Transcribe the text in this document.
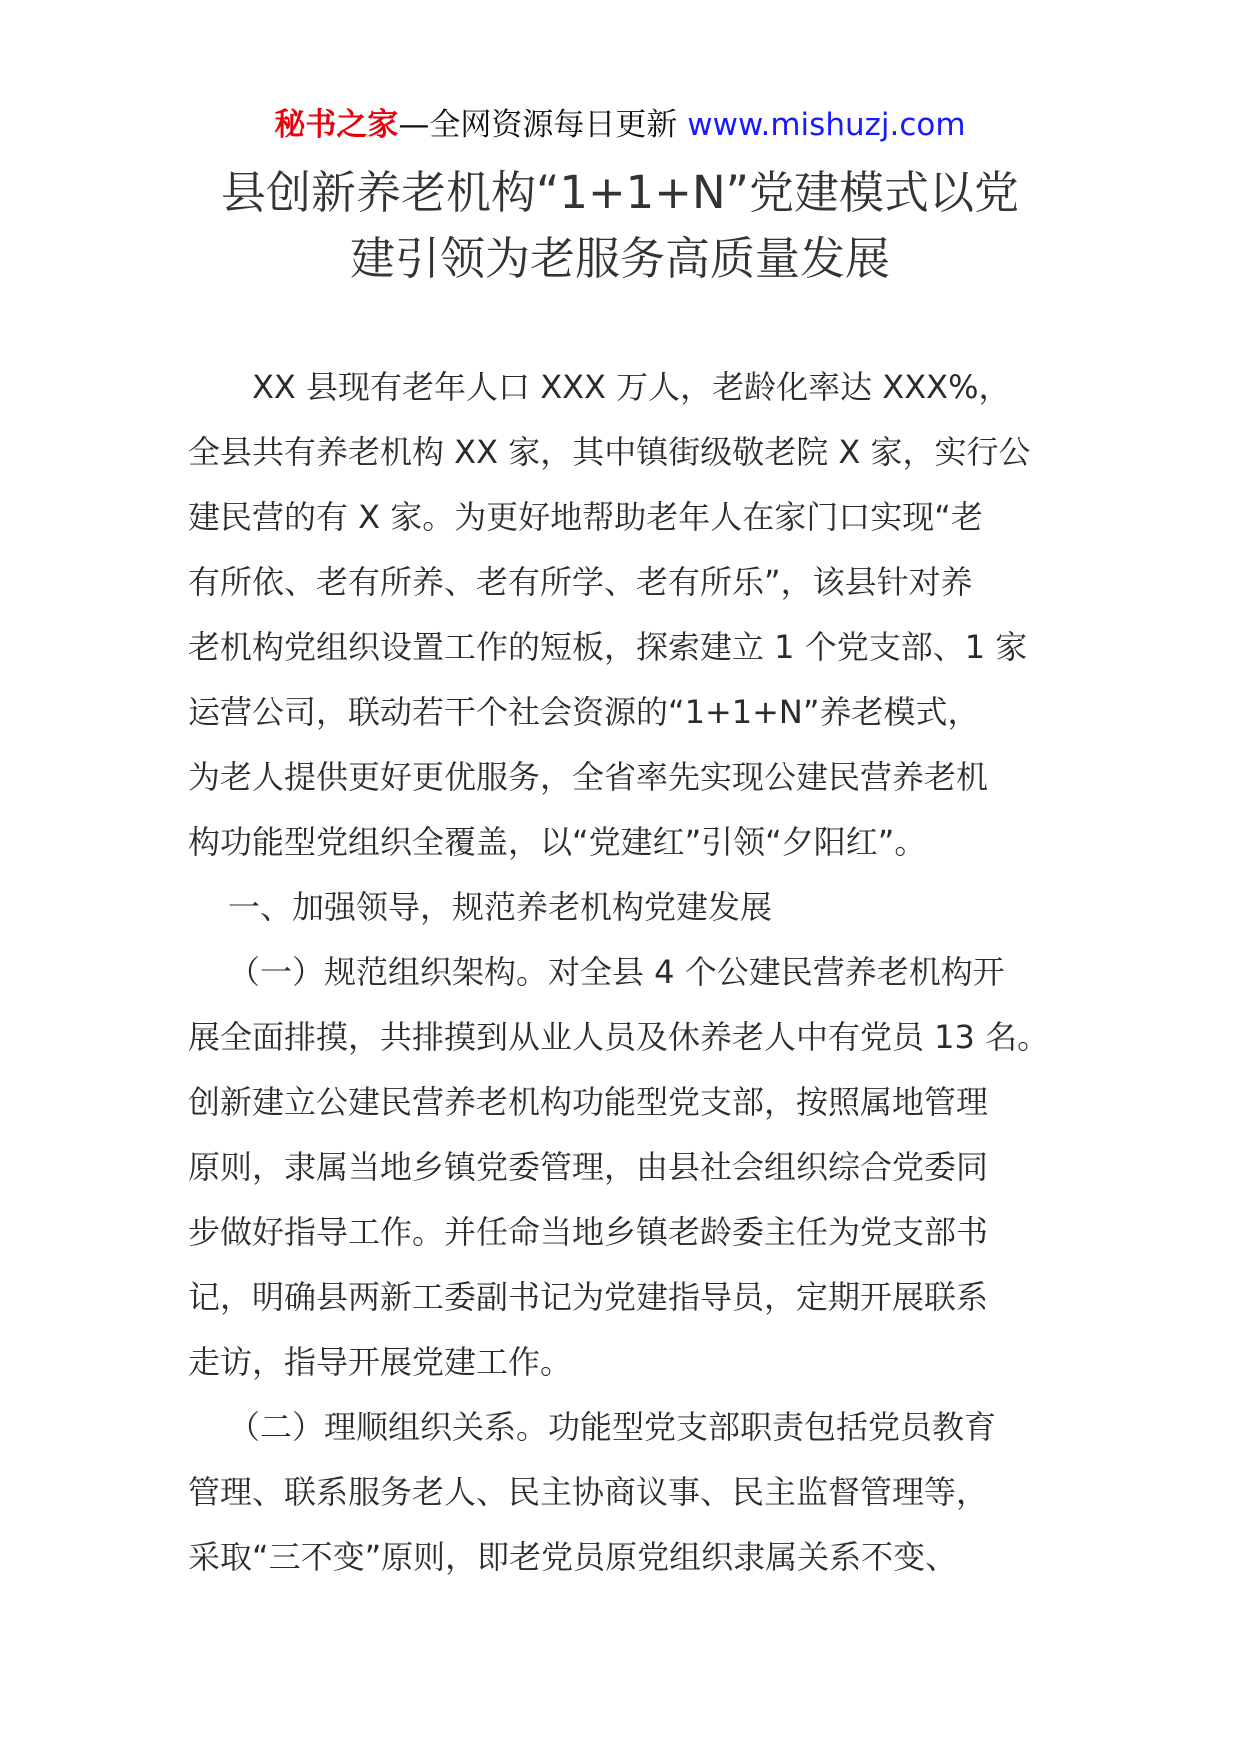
秘书之家—全网资源每日更新 www.mishuzj.com
县创新养老机构“1+1+N”党建模式以党
建引领为老服务高质量发展

XX 县现有老年人口 XXX 万人，老龄化率达 XXX%，
全县共有养老机构 XX 家，其中镇街级敬老院 X 家，实行公
建民营的有 X 家。为更好地帮助老年人在家门口实现“老
有所依、老有所养、老有所学、老有所乐”，该县针对养
老机构党组织设置工作的短板，探索建立 1 个党支部、1 家
运营公司，联动若干个社会资源的“1+1+N”养老模式，
为老人提供更好更优服务，全省率先实现公建民营养老机
构功能型党组织全覆盖，以“党建红”引领“夕阳红”。

一、加强领导，规范养老机构党建发展

（一）规范组织架构。对全县 4 个公建民营养老机构开
展全面排摸，共排摸到从业人员及休养老人中有党员 13 名。
创新建立公建民营养老机构功能型党支部，按照属地管理
原则，隶属当地乡镇党委管理，由县社会组织综合党委同
步做好指导工作。并任命当地乡镇老龄委主任为党支部书
记，明确县两新工委副书记为党建指导员，定期开展联系
走访，指导开展党建工作。

（二）理顺组织关系。功能型党支部职责包括党员教育
管理、联系服务老人、民主协商议事、民主监督管理等，
采取“三不变”原则，即老党员原党组织隶属关系不变、
